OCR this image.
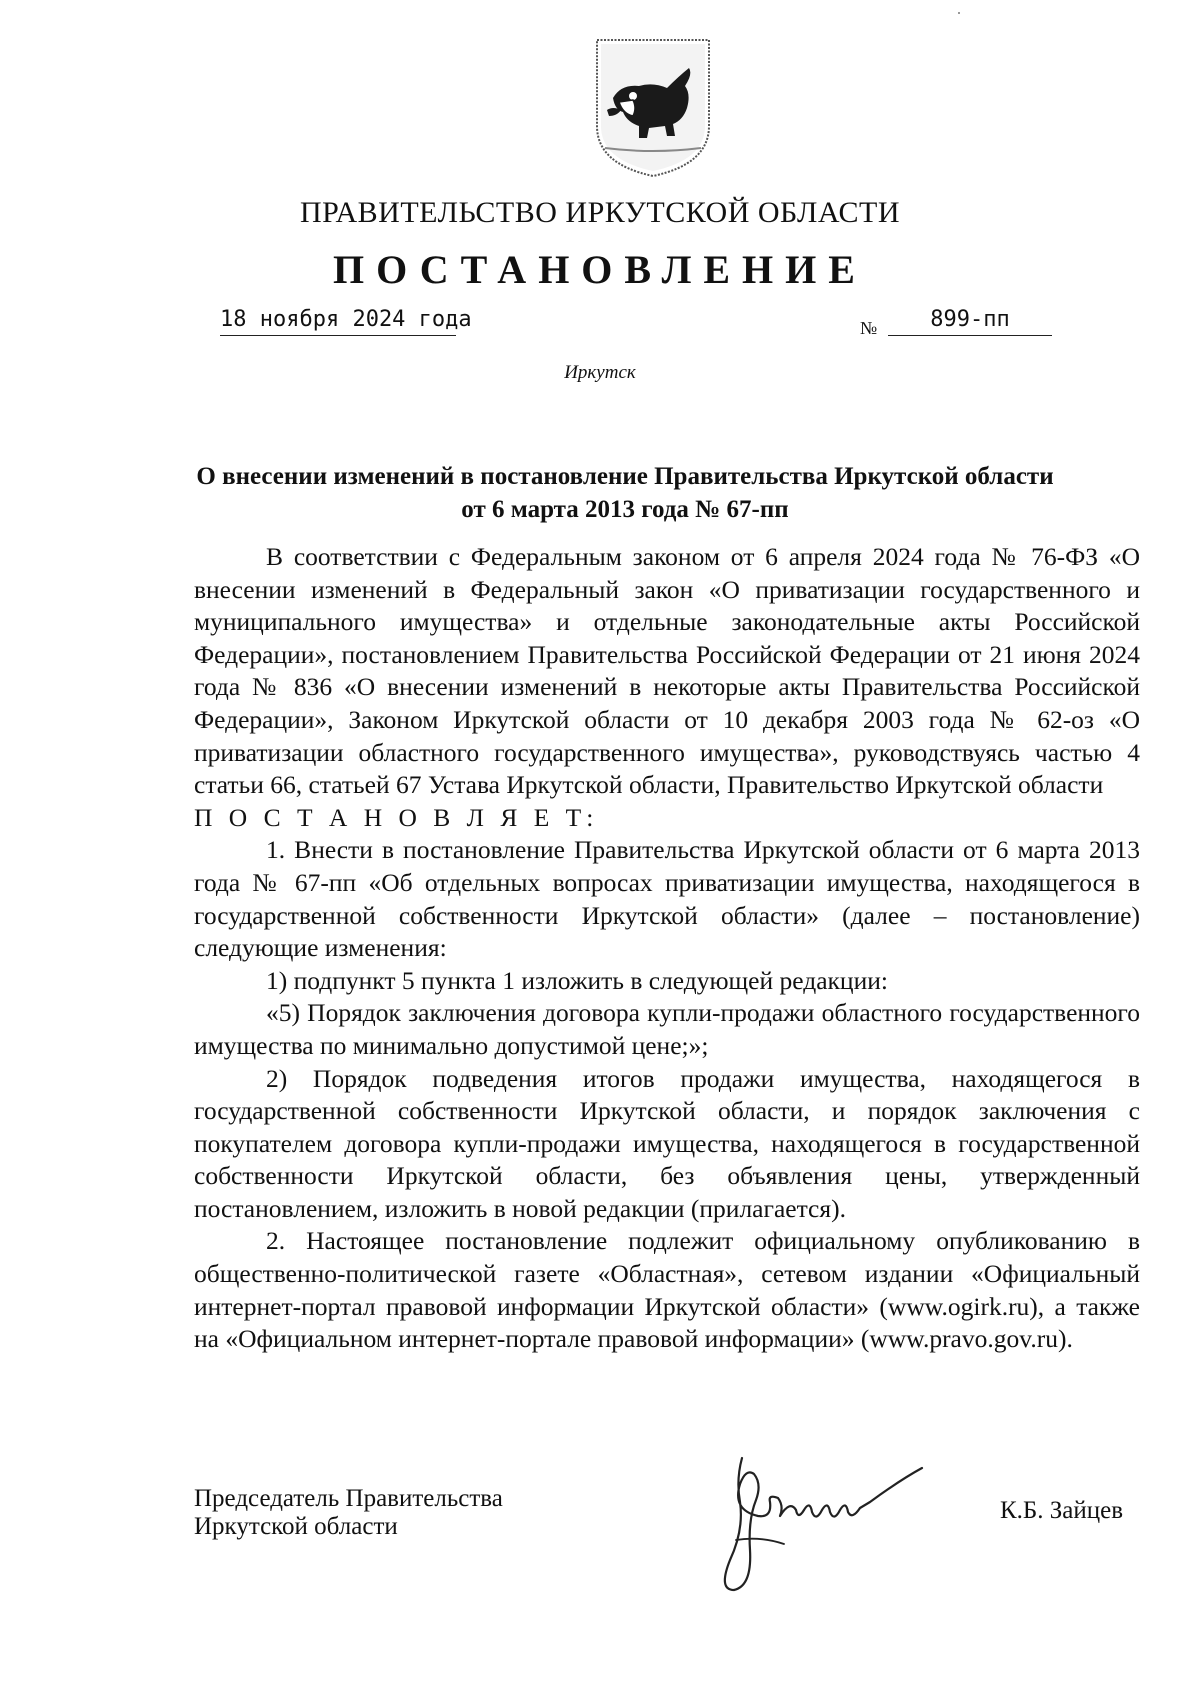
ПРАВИТЕЛЬСТВО ИРКУТСКОЙ ОБЛАСТИ
ПОСТАНОВЛЕНИЕ
18 ноября 2024 года	№	899-пп
Иркутск
О внесении изменений в постановление Правительства Иркутской области от 6 марта 2013 года № 67-пп

В соответствии с Федеральным законом от 6 апреля 2024 года № 76-ФЗ «О внесении изменений в Федеральный закон «О приватизации государственного и муниципального имущества» и отдельные законодательные акты Российской Федерации», постановлением Правительства Российской Федерации от 21 июня 2024 года № 836 «О внесении изменений в некоторые акты Правительства Российской Федерации», Законом Иркутской области от 10 декабря 2003 года № 62-оз «О приватизации областного государственного имущества», руководствуясь частью 4 статьи 66, статьей 67 Устава Иркутской области, Правительство Иркутской области

П О С Т А Н О В Л Я Е Т:

1. Внести в постановление Правительства Иркутской области от 6 марта 2013 года № 67-пп «Об отдельных вопросах приватизации имущества, находящегося в государственной собственности Иркутской области» (далее – постановление) следующие изменения:

1) подпункт 5 пункта 1 изложить в следующей редакции:

«5) Порядок заключения договора купли-продажи областного государственного имущества по минимально допустимой цене;»;

2) Порядок подведения итогов продажи имущества, находящегося в государственной собственности Иркутской области, и порядок заключения с покупателем договора купли-продажи имущества, находящегося в государственной собственности Иркутской области, без объявления цены, утвержденный постановлением, изложить в новой редакции (прилагается).

2. Настоящее постановление подлежит официальному опубликованию в общественно-политической газете «Областная», сетевом издании «Официальный интернет-портал правовой информации Иркутской области» (www.ogirk.ru), а также на «Официальном интернет-портале правовой информации» (www.pravo.gov.ru).

Председатель Правительства
Иркутской области
К.Б. Зайцев
